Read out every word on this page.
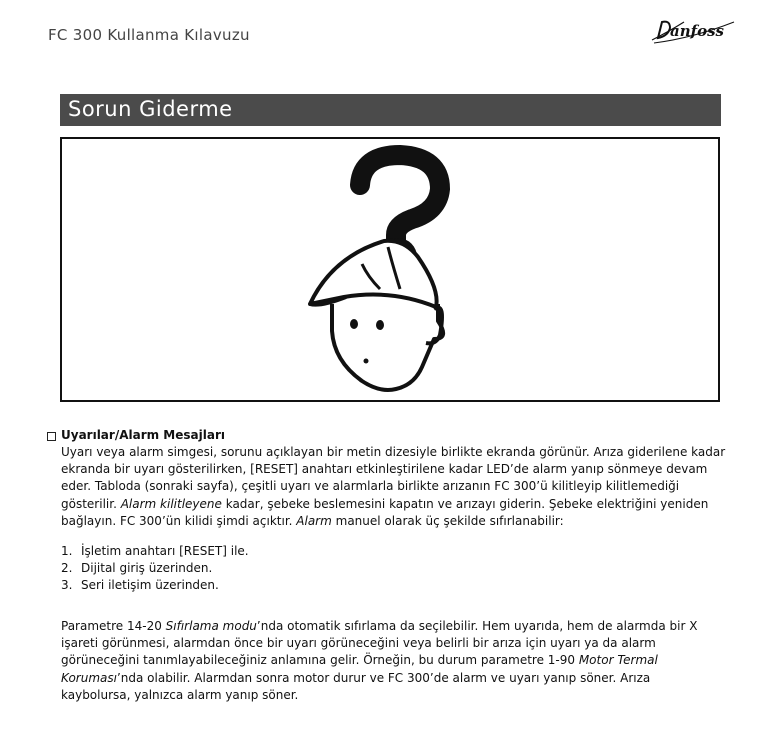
FC 300 Kullanma Kılavuzu	anfoss
Sorun Giderme
Uyarılar/Alarm Mesajları

Uyarı veya alarm simgesi, sorunu açıklayan bir metin dizesiyle birlikte ekranda görünür. Arıza giderilene kadar ekranda bir uyarı gösterilirken, [RESET] anahtarı etkinleştirilene kadar LED’de alarm yanıp sönmeye devam eder. Tabloda (sonraki sayfa), çeşitli uyarı ve alarmlarla birlikte arızanın FC 300’ü kilitleyip kilitlemediği gösterilir. Alarm kilitleyene kadar, şebeke beslemesini kapatın ve arızayı giderin. Şebeke elektriğini yeniden bağlayın. FC 300’ün kilidi şimdi açıktır. Alarm manuel olarak üç şekilde sıfırlanabilir:

1. İşletim anahtarı [RESET] ile.
2. Dijital giriş üzerinden.
3. Seri iletişim üzerinden.

Parametre 14-20 Sıfırlama modu’nda otomatik sıfırlama da seçilebilir. Hem uyarıda, hem de alarmda bir X işareti görünmesi, alarmdan önce bir uyarı görüneceğini veya belirli bir arıza için uyarı ya da alarm görüneceğini tanımlayabileceğiniz anlamına gelir. Örneğin, bu durum parametre 1-90 Motor Termal Koruması’nda olabilir. Alarmdan sonra motor durur ve FC 300’de alarm ve uyarı yanıp söner. Arıza kaybolursa, yalnızca alarm yanıp söner.
